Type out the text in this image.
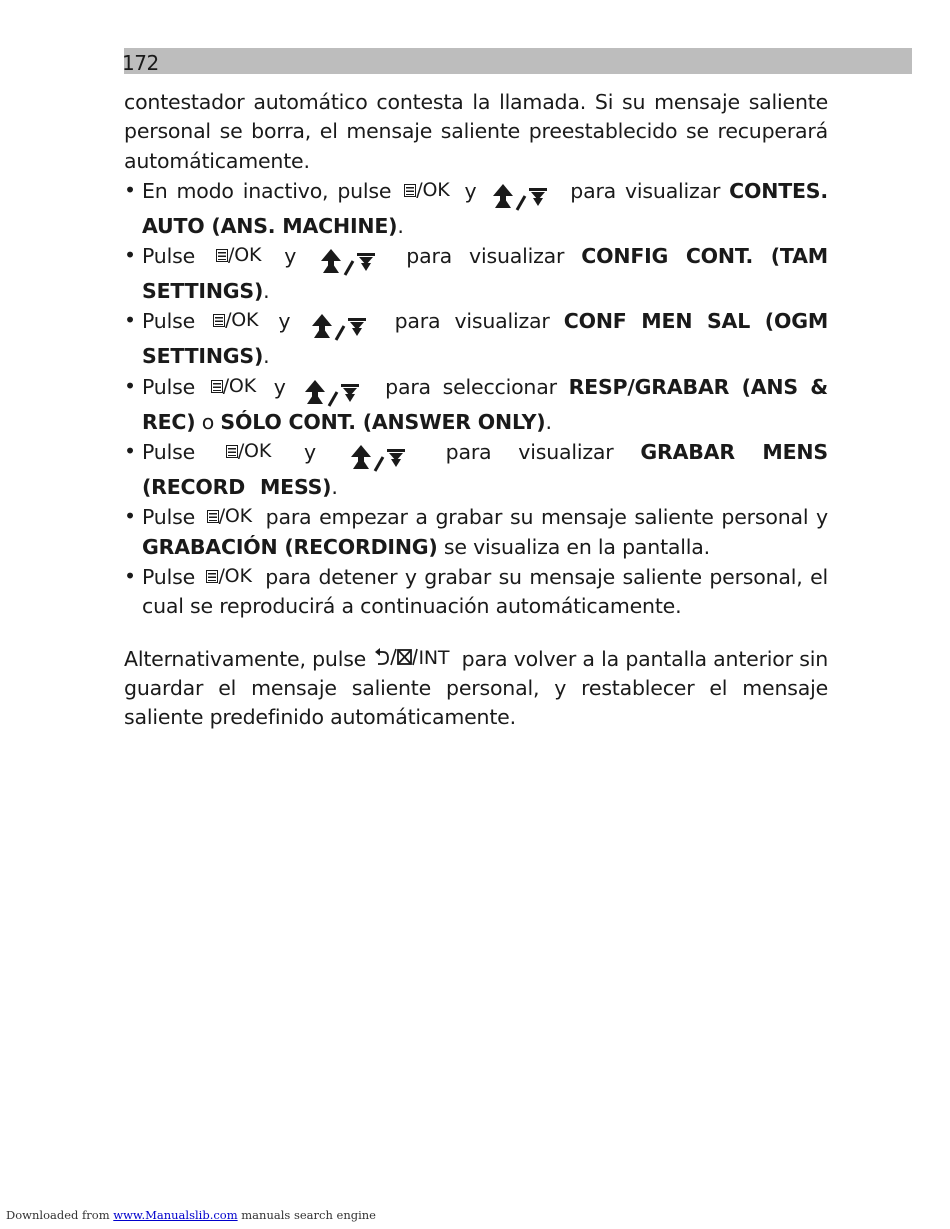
172

contestador automático contesta la llamada. Si su mensaje saliente personal se borra, el mensaje saliente preestablecido se recuperará automáticamente.

• En modo inactivo, pulse /OK y	para visualizar CONTES. AUTO (ANS. MACHINE).
• Pulse /OK y	para visualizar CONFIG CONT. (TAM SETTINGS).
• Pulse /OK y	para visualizar CONF MEN SAL (OGM SETTINGS).
• Pulse /OK y	para seleccionar RESP/GRABAR (ANS & REC) o SÓLO CONT. (ANSWER ONLY).
• Pulse /OK y	para visualizar GRABAR MENS (RECORD MESS).
• Pulse /OK para empezar a grabar su mensaje saliente personal y GRABACIÓN (RECORDING) se visualiza en la pantalla.
• Pulse /OK para detener y grabar su mensaje saliente personal, el cual se reproducirá a continuación automáticamente.

Alternativamente, pulse	INT para volver a la pantalla anterior sin guardar el mensaje saliente personal, y restablecer el mensaje saliente predefinido automáticamente.

Downloaded from www.Manualslib.com manuals search engine
